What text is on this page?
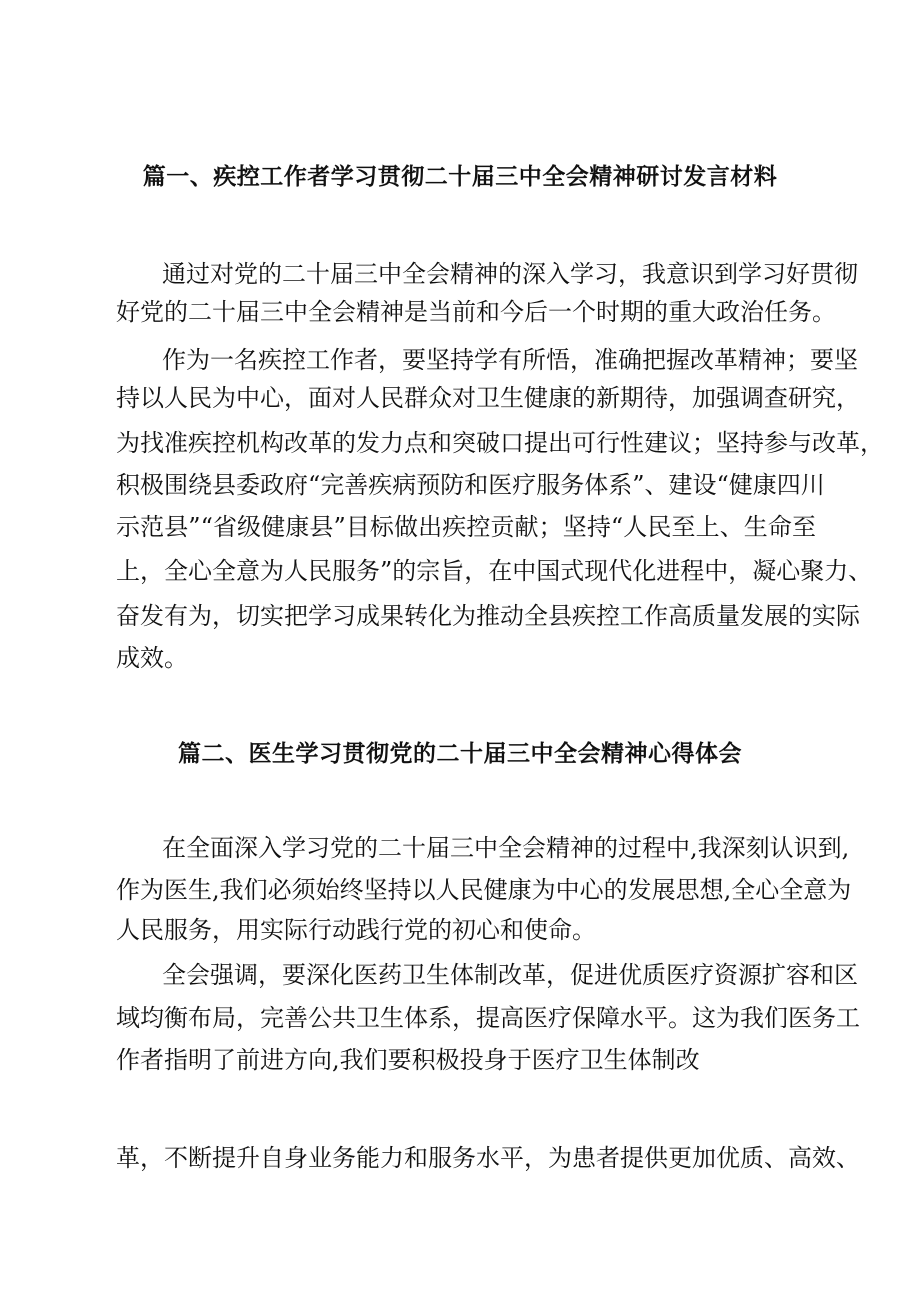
篇一、疾控工作者学习贯彻二十届三中全会精神研讨发言材料
通过对党的二十届三中全会精神的深入学习，我意识到学习好贯彻
好党的二十届三中全会精神是当前和今后一个时期的重大政治任务。
作为一名疾控工作者，要坚持学有所悟，准确把握改革精神；要坚
持以人民为中心，面对人民群众对卫生健康的新期待，加强调查研究，
为找准疾控机构改革的发力点和突破口提出可行性建议；坚持参与改革，
积极围绕县委政府“完善疾病预防和医疗服务体系”、建设“健康四川
示范县”“省级健康县”目标做出疾控贡献；坚持“人民至上、生命至
上，全心全意为人民服务”的宗旨，在中国式现代化进程中，凝心聚力、
奋发有为，切实把学习成果转化为推动全县疾控工作高质量发展的实际
成效。
篇二、医生学习贯彻党的二十届三中全会精神心得体会
在全面深入学习党的二十届三中全会精神的过程中,我深刻认识到,
作为医生,我们必须始终坚持以人民健康为中心的发展思想,全心全意为
人民服务，用实际行动践行党的初心和使命。
全会强调，要深化医药卫生体制改革，促进优质医疗资源扩容和区
域均衡布局，完善公共卫生体系，提高医疗保障水平。这为我们医务工
作者指明了前进方向,我们要积极投身于医疗卫生体制改
革，不断提升自身业务能力和服务水平，为患者提供更加优质、高效、
